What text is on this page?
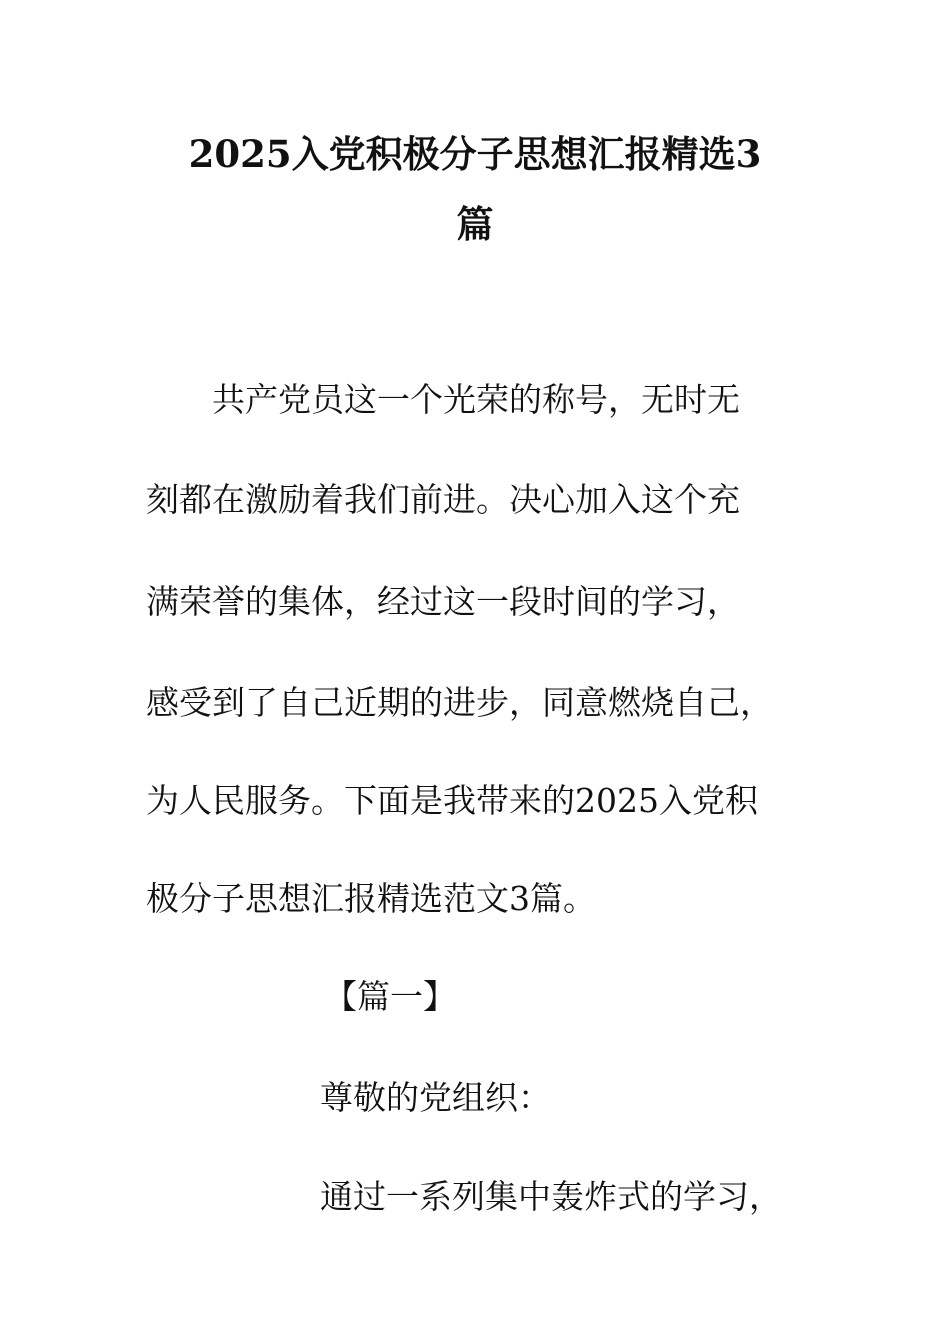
2025入党积极分子思想汇报精选3
篇
共产党员这一个光荣的称号，无时无
刻都在激励着我们前进。决心加入这个充
满荣誉的集体，经过这一段时间的学习，
感受到了自己近期的进步，同意燃烧自己，
为人民服务。下面是我带来的2025入党积
极分子思想汇报精选范文3篇。
【篇一】
尊敬的党组织：
通过一系列集中轰炸式的学习，
